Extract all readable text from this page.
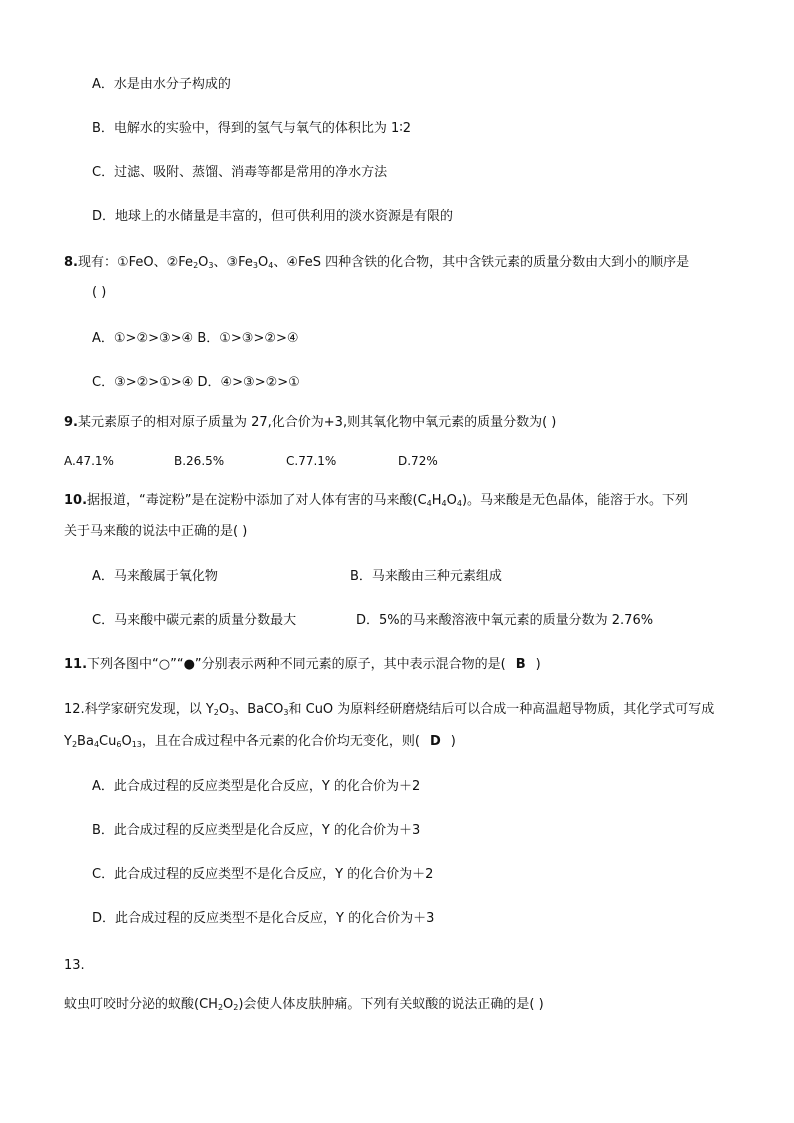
A．水是由水分子构成的
B．电解水的实验中，得到的氢气与氧气的体积比为 1∶2
C．过滤、吸附、蒸馏、消毒等都是常用的净水方法
D．地球上的水储量是丰富的，但可供利用的淡水资源是有限的
8.现有：①FeO、$②Fe_2O_3$、$③Fe_3O_4$、④FeS 四种含铁的化合物，其中含铁元素的质量分数由大到小的顺序是
( )
A．①>②>③>④ B．①>③>②>④
C．③>②>①>④ D．④>③>②>①
9.某元素原子的相对原子质量为 27,化合价为+3,则其氧化物中氧元素的质量分数为( )
A.47.1%	B.26.5%	C.77.1%	D.72%
10.据报道，“毒淀粉”是在淀粉中添加了对人体有害的马来酸$(C_4H_4O_4)$。马来酸是无色晶体，能溶于水。下列
关于马来酸的说法中正确的是( )
A．马来酸属于氧化物	B．马来酸由三种元素组成
C．马来酸中碳元素的质量分数最大	D．5%的马来酸溶液中氧元素的质量分数为 2.76%
11.下列各图中“○”“●”分别表示两种不同元素的原子，其中表示混合物的是( B )
12.科学家研究发现，以 $Y_2O_3$、BaCO$_3$和 CuO 为原料经研磨烧结后可以合成一种高温超导物质，其化学式可写成
$Y_2Ba_4Cu_6O_{13}$，且在合成过程中各元素的化合价均无变化，则( D )
A．此合成过程的反应类型是化合反应，Y 的化合价为＋2
B．此合成过程的反应类型是化合反应，Y 的化合价为＋3
C．此合成过程的反应类型不是化合反应，Y 的化合价为＋2
D．此合成过程的反应类型不是化合反应，Y 的化合价为＋3
13.
蚊虫叮咬时分泌的蚁酸$(CH_2O_2)$会使人体皮肤肿痛。下列有关蚁酸的说法正确的是( )
